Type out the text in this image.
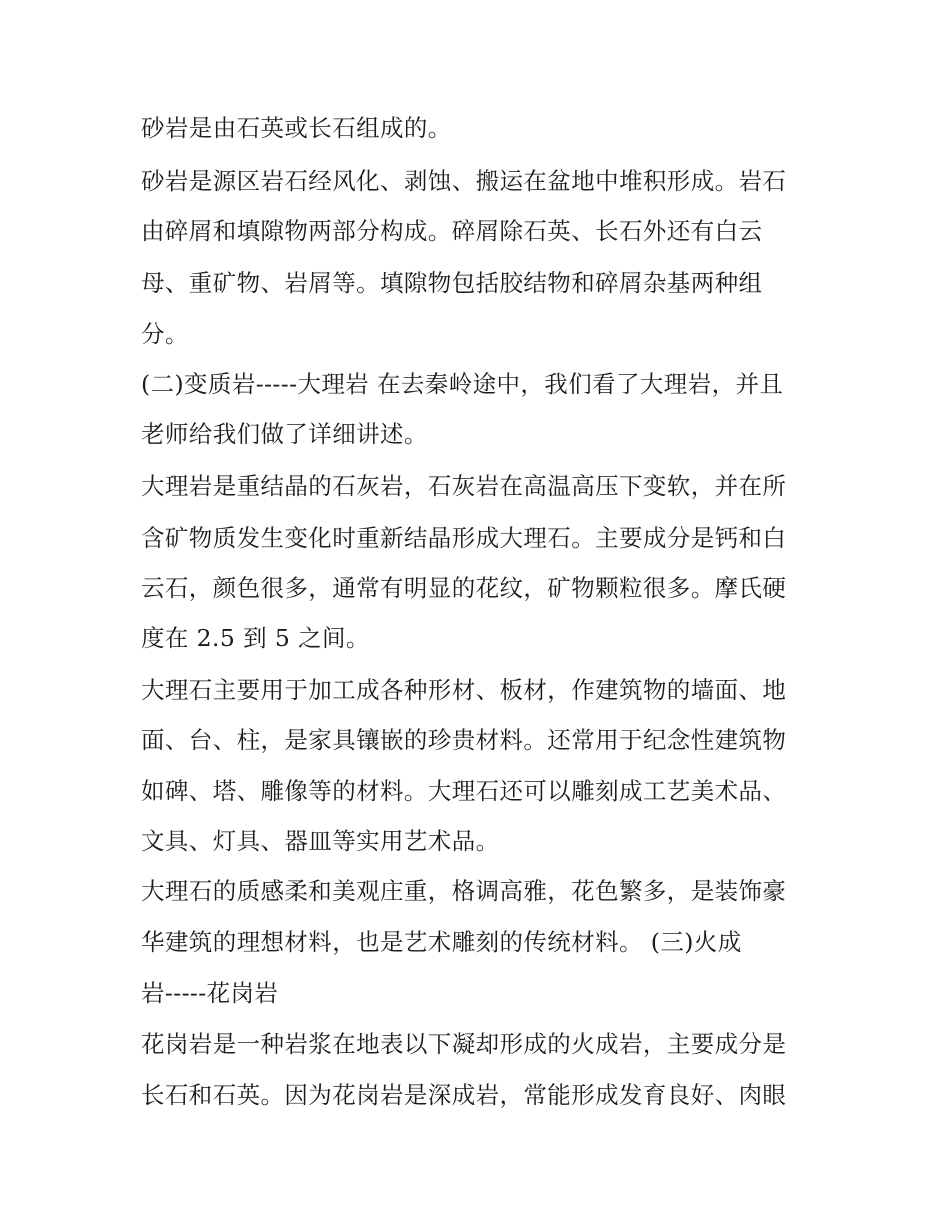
砂岩是由石英或长石组成的。
砂岩是源区岩石经风化、剥蚀、搬运在盆地中堆积形成。岩石
由碎屑和填隙物两部分构成。碎屑除石英、长石外还有白云
母、重矿物、岩屑等。填隙物包括胶结物和碎屑杂基两种组
分。
(二)变质岩-----大理岩 在去秦岭途中，我们看了大理岩，并且
老师给我们做了详细讲述。
大理岩是重结晶的石灰岩，石灰岩在高温高压下变软，并在所
含矿物质发生变化时重新结晶形成大理石。主要成分是钙和白
云石，颜色很多，通常有明显的花纹，矿物颗粒很多。摩氏硬
度在 2.5 到 5 之间。
大理石主要用于加工成各种形材、板材，作建筑物的墙面、地
面、台、柱，是家具镶嵌的珍贵材料。还常用于纪念性建筑物
如碑、塔、雕像等的材料。大理石还可以雕刻成工艺美术品、
文具、灯具、器皿等实用艺术品。
大理石的质感柔和美观庄重，格调高雅，花色繁多，是装饰豪
华建筑的理想材料，也是艺术雕刻的传统材料。 (三)火成
岩-----花岗岩
花岗岩是一种岩浆在地表以下凝却形成的火成岩，主要成分是
长石和石英。因为花岗岩是深成岩，常能形成发育良好、肉眼
